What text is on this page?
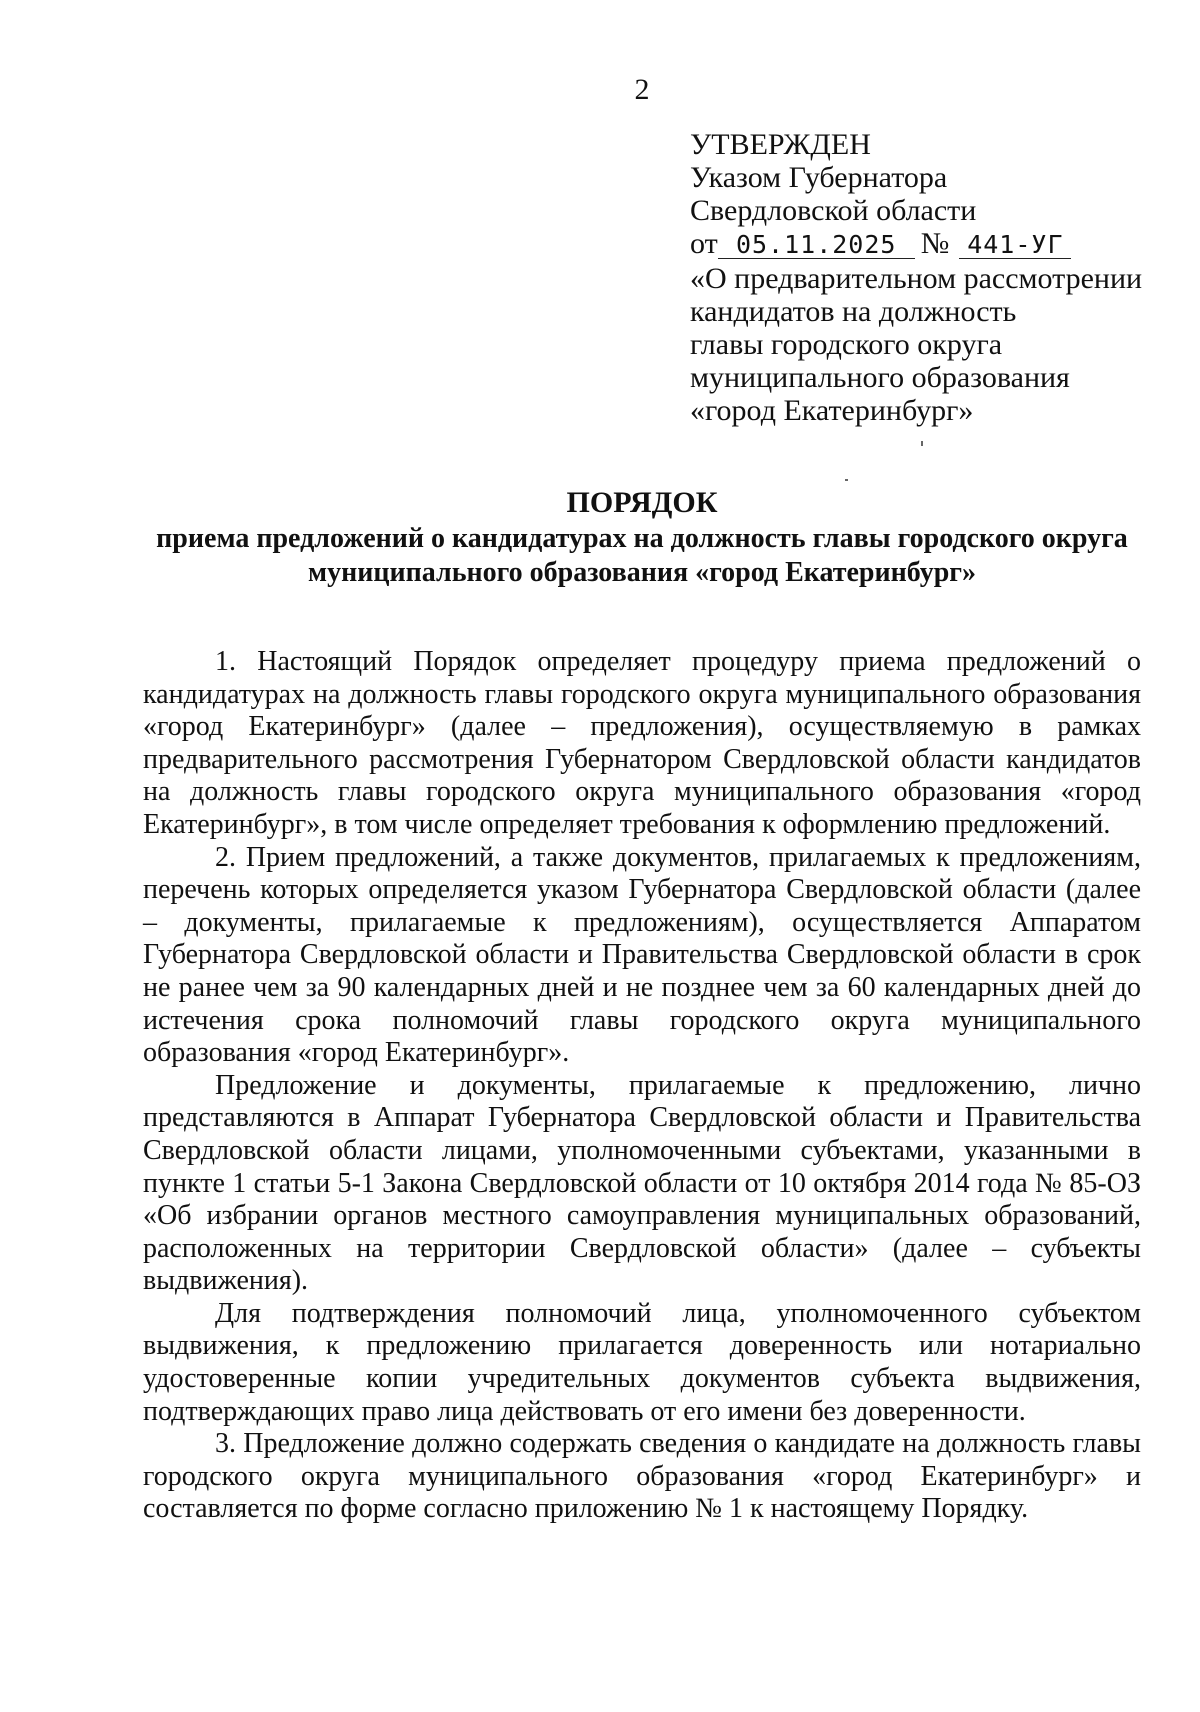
2
УТВЕРЖДЕН
Указом Губернатора
Свердловской области
от 05.11.2025 № 441-УГ
«О предварительном рассмотрении
кандидатов на должность
главы городского округа
муниципального образования
«город Екатеринбург»
ПОРЯДОК
приема предложений о кандидатурах на должность главы городского округа муниципального образования «город Екатеринбург»

1. Настоящий Порядок определяет процедуру приема предложений о кандидатурах на должность главы городского округа муниципального образования «город Екатеринбург» (далее – предложения), осуществляемую в рамках предварительного рассмотрения Губернатором Свердловской области кандидатов на должность главы городского округа муниципального образования «город Екатеринбург», в том числе определяет требования к оформлению предложений.

2. Прием предложений, а также документов, прилагаемых к предложениям, перечень которых определяется указом Губернатора Свердловской области (далее – документы, прилагаемые к предложениям), осуществляется Аппаратом Губернатора Свердловской области и Правительства Свердловской области в срок не ранее чем за 90 календарных дней и не позднее чем за 60 календарных дней до истечения срока полномочий главы городского округа муниципального образования «город Екатеринбург».

Предложение и документы, прилагаемые к предложению, лично представляются в Аппарат Губернатора Свердловской области и Правительства Свердловской области лицами, уполномоченными субъектами, указанными в пункте 1 статьи 5-1 Закона Свердловской области от 10 октября 2014 года № 85-ОЗ «Об избрании органов местного самоуправления муниципальных образований, расположенных на территории Свердловской области» (далее – субъекты выдвижения).

Для подтверждения полномочий лица, уполномоченного субъектом выдвижения, к предложению прилагается доверенность или нотариально удостоверенные копии учредительных документов субъекта выдвижения, подтверждающих право лица действовать от его имени без доверенности.

3. Предложение должно содержать сведения о кандидате на должность главы городского округа муниципального образования «город Екатеринбург» и составляется по форме согласно приложению № 1 к настоящему Порядку.
